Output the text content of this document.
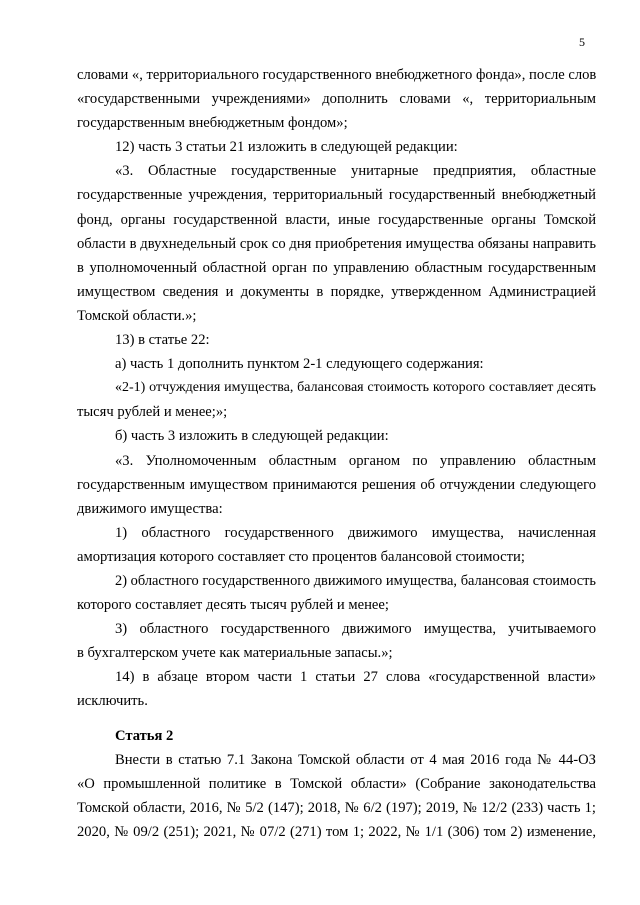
5
словами «, территориального государственного внебюджетного фонда», после слов
«государственными учреждениями» дополнить словами «, территориальным
государственным внебюджетным фондом»;
12) часть 3 статьи 21 изложить в следующей редакции:
«3. Областные государственные унитарные предприятия, областные
государственные учреждения, территориальный государственный внебюджетный
фонд, органы государственной власти, иные государственные органы Томской
области в двухнедельный срок со дня приобретения имущества обязаны направить
в уполномоченный областной орган по управлению областным государственным
имуществом сведения и документы в порядке, утвержденном Администрацией
Томской области.»;
13) в статье 22:
а) часть 1 дополнить пунктом 2-1 следующего содержания:
«2-1) отчуждения имущества, балансовая стоимость которого составляет десять
тысяч рублей и менее;»;
б) часть 3 изложить в следующей редакции:
«3. Уполномоченным областным органом по управлению областным
государственным имуществом принимаются решения об отчуждении следующего
движимого имущества:
1) областного государственного движимого имущества, начисленная
амортизация которого составляет сто процентов балансовой стоимости;
2) областного государственного движимого имущества, балансовая стоимость
которого составляет десять тысяч рублей и менее;
3) областного государственного движимого имущества, учитываемого
в бухгалтерском учете как материальные запасы.»;
14) в абзаце втором части 1 статьи 27 слова «государственной власти»
исключить.
Статья 2
Внести в статью 7.1 Закона Томской области от 4 мая 2016 года № 44-ОЗ
«О промышленной политике в Томской области» (Собрание законодательства
Томской области, 2016, № 5/2 (147); 2018, № 6/2 (197); 2019, № 12/2 (233) часть 1;
2020, № 09/2 (251); 2021, № 07/2 (271) том 1; 2022, № 1/1 (306) том 2) изменение,
